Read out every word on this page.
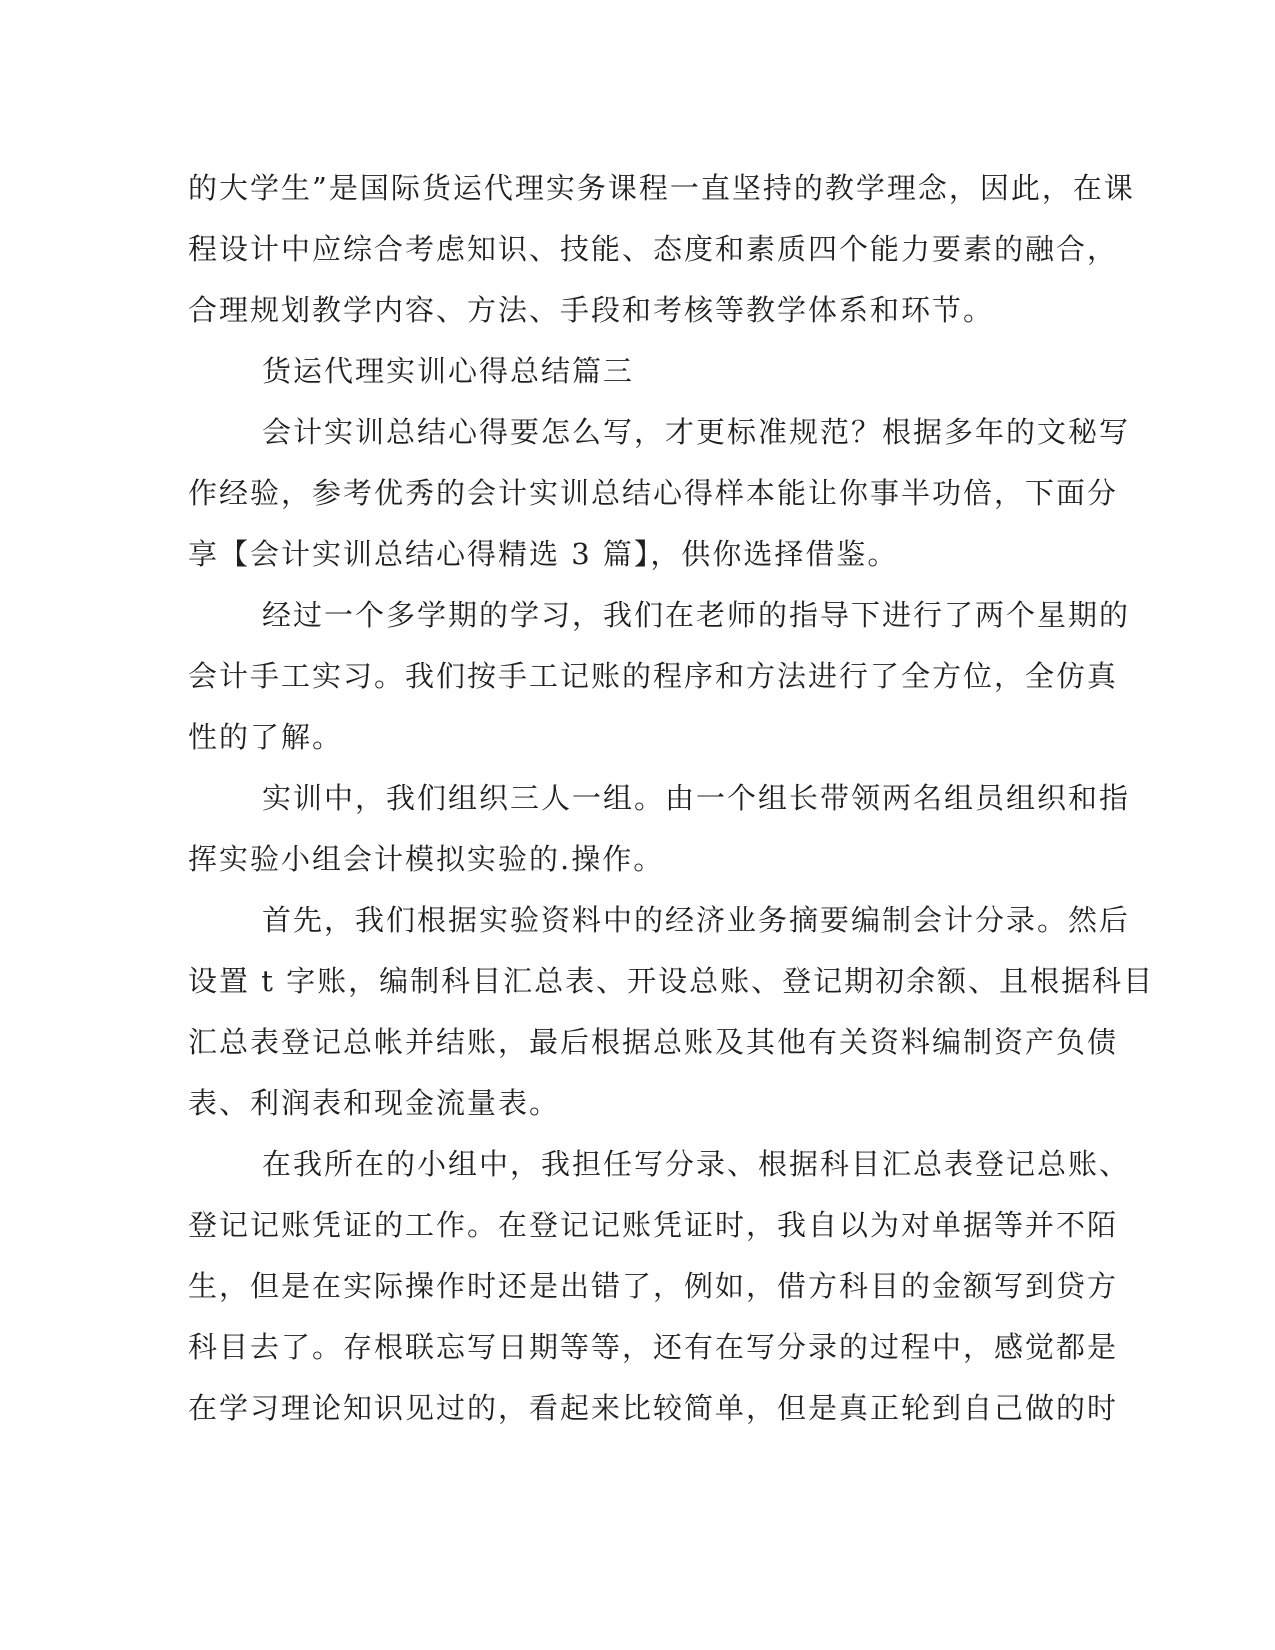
的大学生”是国际货运代理实务课程一直坚持的教学理念，因此，在课
程设计中应综合考虑知识、技能、态度和素质四个能力要素的融合，
合理规划教学内容、方法、手段和考核等教学体系和环节。
货运代理实训心得总结篇三
会计实训总结心得要怎么写，才更标准规范？根据多年的文秘写
作经验，参考优秀的会计实训总结心得样本能让你事半功倍，下面分
享【会计实训总结心得精选 3 篇】，供你选择借鉴。
经过一个多学期的学习，我们在老师的指导下进行了两个星期的
会计手工实习。我们按手工记账的程序和方法进行了全方位，全仿真
性的了解。
实训中，我们组织三人一组。由一个组长带领两名组员组织和指
挥实验小组会计模拟实验的.操作。
首先，我们根据实验资料中的经济业务摘要编制会计分录。然后
设置 t 字账，编制科目汇总表、开设总账、登记期初余额、且根据科目
汇总表登记总帐并结账，最后根据总账及其他有关资料编制资产负债
表、利润表和现金流量表。
在我所在的小组中，我担任写分录、根据科目汇总表登记总账、
登记记账凭证的工作。在登记记账凭证时，我自以为对单据等并不陌
生，但是在实际操作时还是出错了，例如，借方科目的金额写到贷方
科目去了。存根联忘写日期等等，还有在写分录的过程中，感觉都是
在学习理论知识见过的，看起来比较简单，但是真正轮到自己做的时
